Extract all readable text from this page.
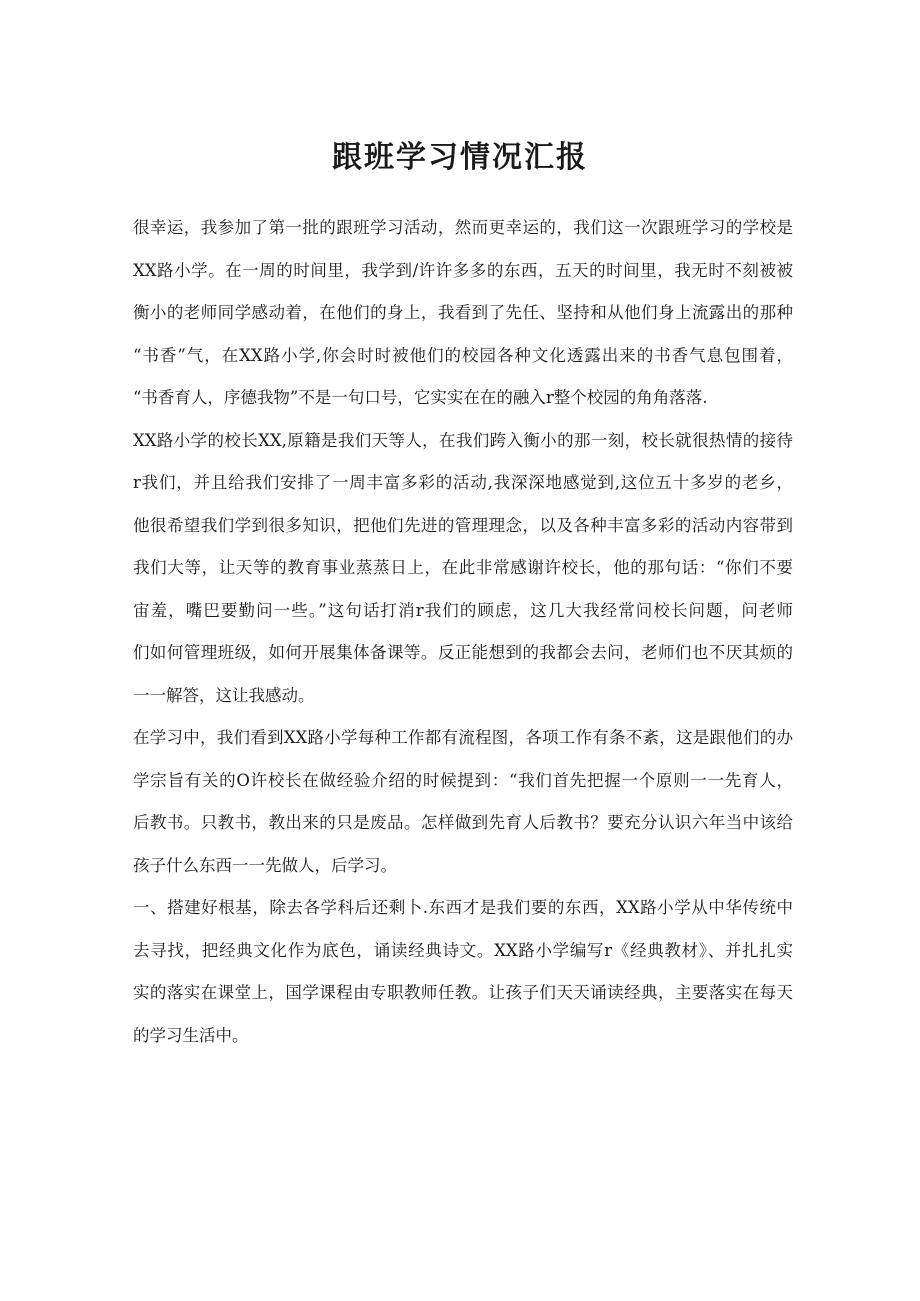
跟班学习情况汇报

很幸运，我参加了第一批的跟班学习活动，然而更幸运的，我们这一次跟班学习的学校是
XX路小学。在一周的时间里，我学到/许许多多的东西，五天的时间里，我无时不刻被被
衡小的老师同学感动着，在他们的身上，我看到了先任、坚持和从他们身上流露出的那种
“书香”气，在XX路小学,你会时时被他们的校园各种文化透露出来的书香气息包围着，
“书香育人，序德我物”不是一句口号，它实实在在的融入r整个校园的角角落落.

XX路小学的校长XX,原籍是我们天等人，在我们跨入衡小的那一刻，校长就很热情的接待
r我们，并且给我们安排了一周丰富多彩的活动,我深深地感觉到,这位五十多岁的老乡，
他很希望我们学到很多知识，把他们先进的管理理念，以及各种丰富多彩的活动内容带到
我们大等，让天等的教育事业蒸蒸日上，在此非常感谢许校长，他的那句话：“你们不要
宙羞，嘴巴要勤问一些。”这句话打消r我们的顾虑，这几大我经常问校长问题，问老师
们如何管理班级，如何开展集体备课等。反正能想到的我都会去问，老师们也不厌其烦的
一一解答，这让我感动。

在学习中，我们看到XX路小学每种工作都有流程图，各项工作有条不紊，这是跟他们的办
学宗旨有关的O许校长在做经验介绍的时候提到：“我们首先把握一个原则一一先育人，
后教书。只教书，教出来的只是废品。怎样做到先育人后教书？要充分认识六年当中该给
孩子什么东西一一先做人，后学习。

一、搭建好根基，除去各学科后还剩卜.东西才是我们要的东西，XX路小学从中华传统中
去寻找，把经典文化作为底色，诵读经典诗文。XX路小学编写r《经典教材》、并扎扎实
实的落实在课堂上，国学课程由专职教师任教。让孩子们天天诵读经典，主要落实在每天
的学习生活中。
